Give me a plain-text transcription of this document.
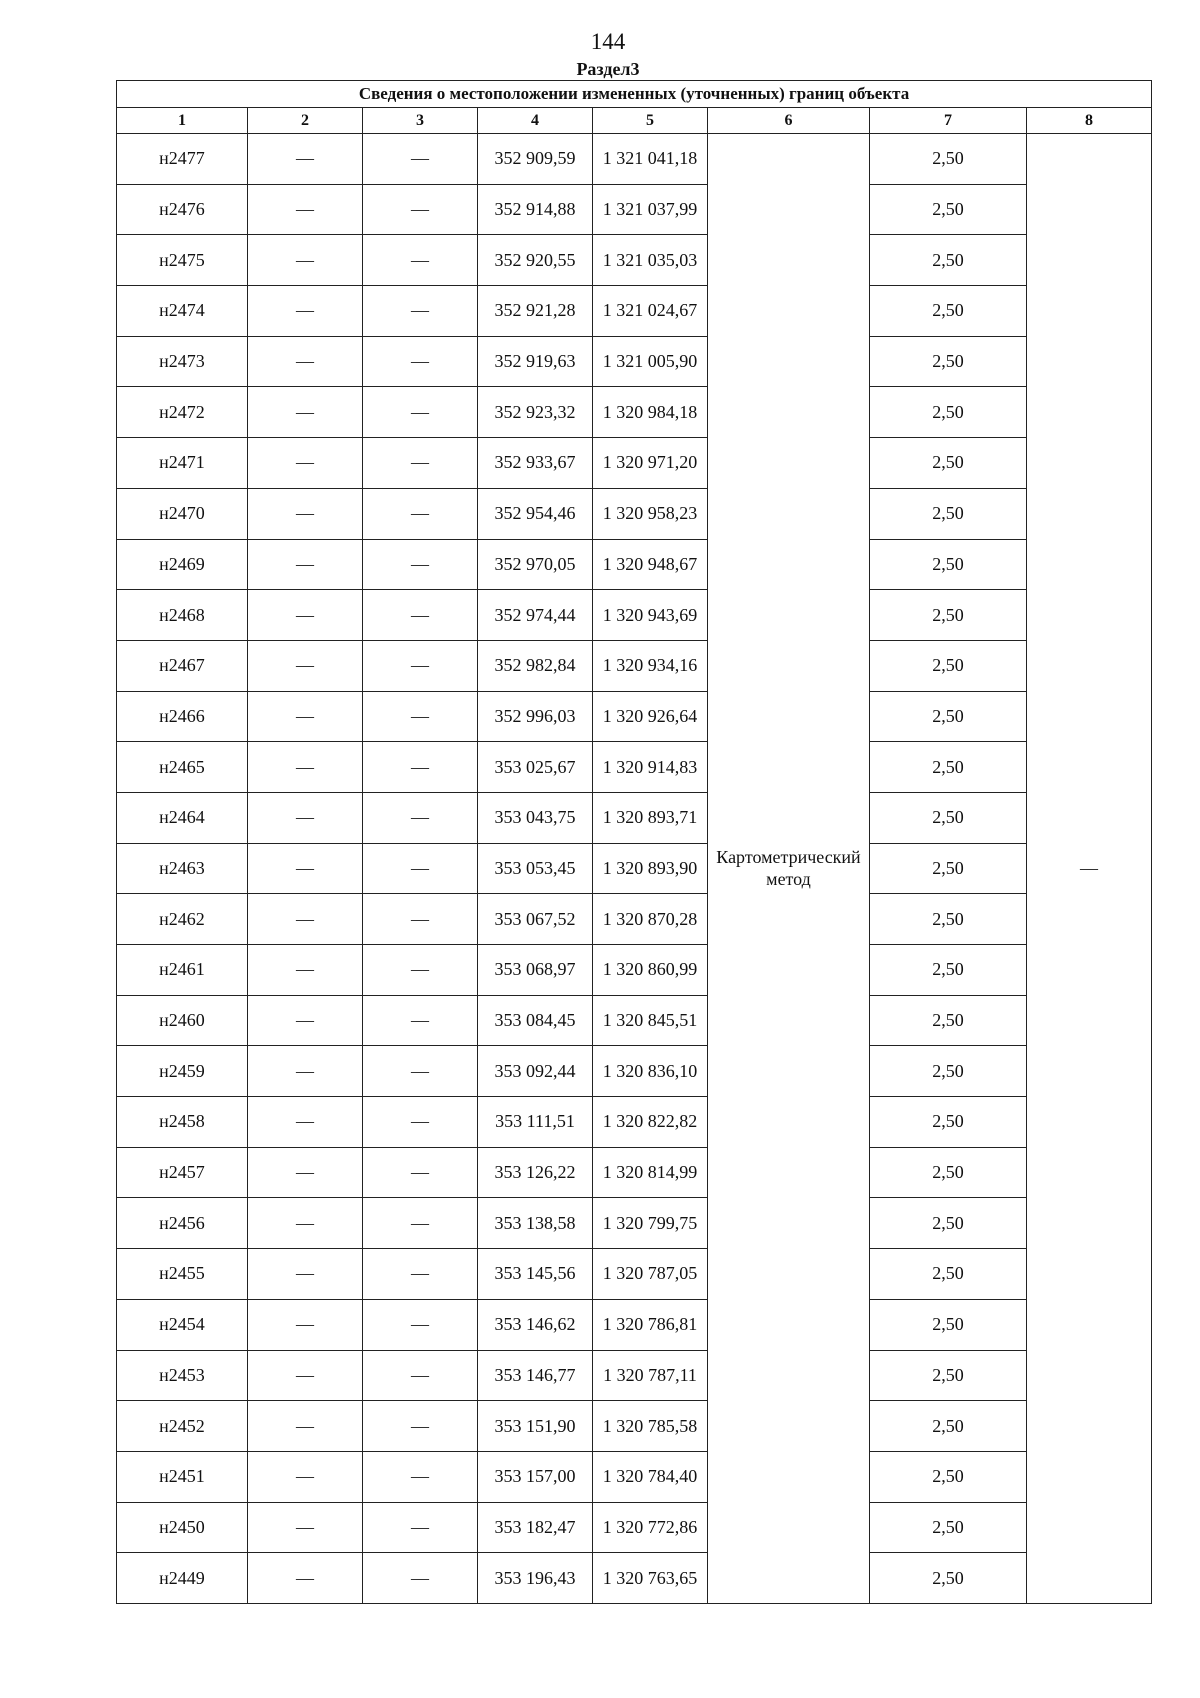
144
Раздел3
Сведения о местоположении измененных (уточненных) границ объекта							
1	2	3	4	5	6	7	8
н2477	—	—	352 909,59	1 321 041,18	Картометрический метод	2,50	—
н2476	—	—	352 914,88	1 321 037,99		2,50	
н2475	—	—	352 920,55	1 321 035,03		2,50	
н2474	—	—	352 921,28	1 321 024,67		2,50	
н2473	—	—	352 919,63	1 321 005,90		2,50	
н2472	—	—	352 923,32	1 320 984,18		2,50	
н2471	—	—	352 933,67	1 320 971,20		2,50	
н2470	—	—	352 954,46	1 320 958,23		2,50	
н2469	—	—	352 970,05	1 320 948,67		2,50	
н2468	—	—	352 974,44	1 320 943,69		2,50	
н2467	—	—	352 982,84	1 320 934,16		2,50	
н2466	—	—	352 996,03	1 320 926,64		2,50	
н2465	—	—	353 025,67	1 320 914,83		2,50	
н2464	—	—	353 043,75	1 320 893,71		2,50	
н2463	—	—	353 053,45	1 320 893,90		2,50	
н2462	—	—	353 067,52	1 320 870,28		2,50	
н2461	—	—	353 068,97	1 320 860,99		2,50	
н2460	—	—	353 084,45	1 320 845,51		2,50	
н2459	—	—	353 092,44	1 320 836,10		2,50	
н2458	—	—	353 111,51	1 320 822,82		2,50	
н2457	—	—	353 126,22	1 320 814,99		2,50	
н2456	—	—	353 138,58	1 320 799,75		2,50	
н2455	—	—	353 145,56	1 320 787,05		2,50	
н2454	—	—	353 146,62	1 320 786,81		2,50	
н2453	—	—	353 146,77	1 320 787,11		2,50	
н2452	—	—	353 151,90	1 320 785,58		2,50	
н2451	—	—	353 157,00	1 320 784,40		2,50	
н2450	—	—	353 182,47	1 320 772,86		2,50	
н2449	—	—	353 196,43	1 320 763,65		2,50	
